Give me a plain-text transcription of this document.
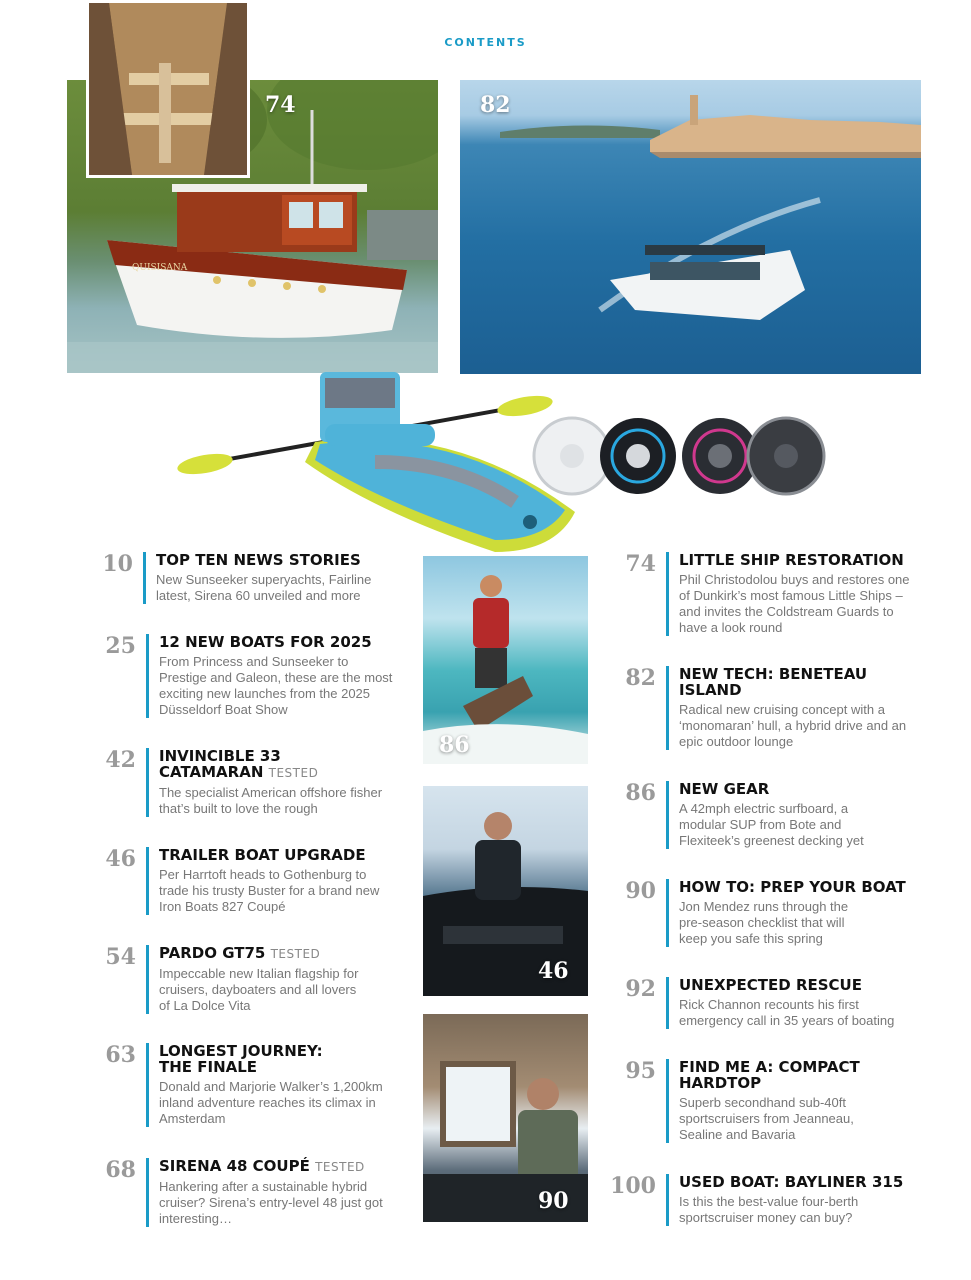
CONTENTS
QUISISANA
74	82
86
46
90
10 TOP TEN NEWS STORIES
New Sunseeker superyachts, Fairline latest, Sirena 60 unveiled and more
25 12 NEW BOATS FOR 2025
From Princess and Sunseeker to Prestige and Galeon, these are the most exciting new launches from the 2025 Düsseldorf Boat Show
42 INVINCIBLE 33 CATAMARAN TESTED
The specialist American offshore fisher that’s built to love the rough
46 TRAILER BOAT UPGRADE
Per Harrtoft heads to Gothenburg to trade his trusty Buster for a brand new Iron Boats 827 Coupé
54 PARDO GT75 TESTED
Impeccable new Italian flagship for cruisers, dayboaters and all lovers of La Dolce Vita
63 LONGEST JOURNEY: THE FINALE
Donald and Marjorie Walker’s 1,200km inland adventure reaches its climax in Amsterdam
68 SIRENA 48 COUPÉ TESTED
Hankering after a sustainable hybrid cruiser? Sirena’s entry-level 48 just got interesting…
74 LITTLE SHIP RESTORATION
Phil Christodolou buys and restores one of Dunkirk’s most famous Little Ships – and invites the Coldstream Guards to have a look round
82 NEW TECH: BENETEAU ISLAND
Radical new cruising concept with a ‘monomaran’ hull, a hybrid drive and an epic outdoor lounge
86 NEW GEAR
A 42mph electric surfboard, a modular SUP from Bote and Flexiteek’s greenest decking yet
90 HOW TO: PREP YOUR BOAT
Jon Mendez runs through the pre-season checklist that will keep you safe this spring
92 UNEXPECTED RESCUE
Rick Channon recounts his first emergency call in 35 years of boating
95 FIND ME A: COMPACT HARDTOP
Superb secondhand sub-40ft sportscruisers from Jeanneau, Sealine and Bavaria
100 USED BOAT: BAYLINER 315
Is this the best-value four-berth sportscruiser money can buy?
